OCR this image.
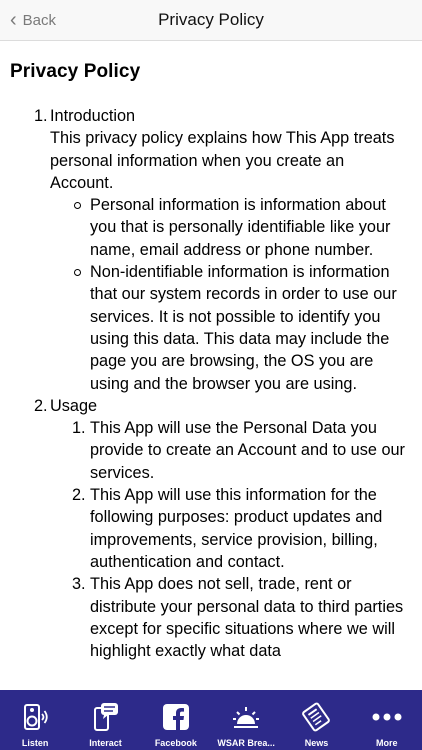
‹ Back	Privacy Policy
Privacy Policy
1. Introduction
This privacy policy explains how This App treats personal information when you create an Account.
Personal information is information about you that is personally identifiable like your name, email address or phone number.
Non-identifiable information is information that our system records in order to use our services. It is not possible to identify you using this data. This data may include the page you are browsing, the OS you are using and the browser you are using.
2. Usage
1. This App will use the Personal Data you provide to create an Account and to use our services.
2. This App will use this information for the following purposes: product updates and improvements, service provision, billing, authentication and contact.
3. This App does not sell, trade, rent or distribute your personal data to third parties except for specific situations where we will highlight exactly what data
Listen	Interact	Facebook WSAR Brea...	News	More
